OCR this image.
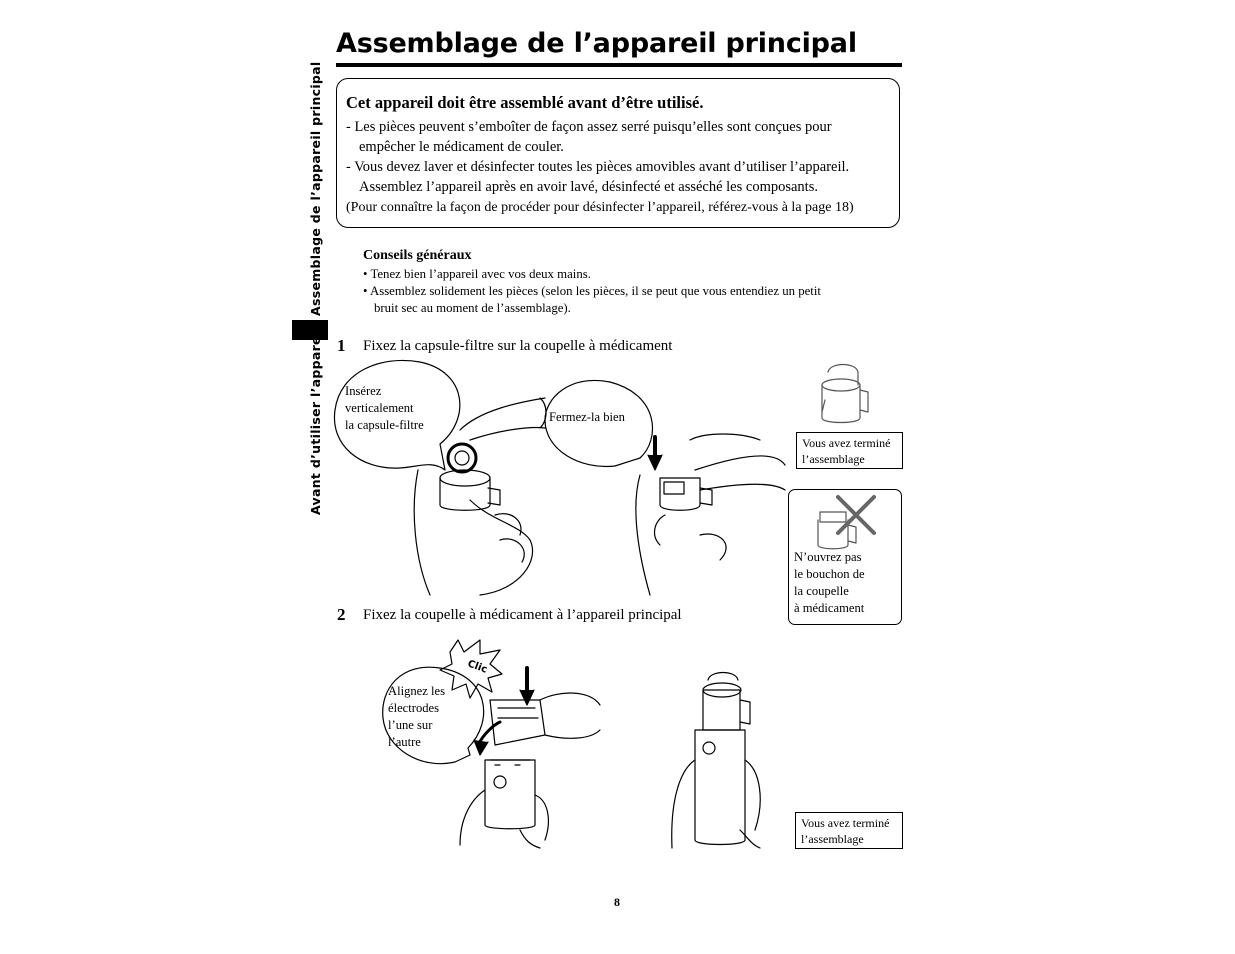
Assemblage de l’appareil principal
Avant d’utiliser l’appareil
Assemblage de l’appareil principal
Cet appareil doit être assemblé avant d’être utilisé.
- Les pièces peuvent s’emboîter de façon assez serré puisqu’elles sont conçues pour
empêcher le médicament de couler.
- Vous devez laver et désinfecter toutes les pièces amovibles avant d’utiliser l’appareil.
Assemblez l’appareil après en avoir lavé, désinfecté et asséché les composants.
(Pour connaître la façon de procéder pour désinfecter l’appareil, référez-vous à la page 18)
Conseils généraux
• Tenez bien l’appareil avec vos deux mains.
• Assemblez solidement les pièces (selon les pièces, il se peut que vous entendiez un petit
bruit sec au moment de l’assemblage).
1 Fixez la capsule-filtre sur la coupelle à médicament
2 Fixez la coupelle à médicament à l’appareil principal
Clic
Insérez
verticalement
la capsule-filtre
Fermez-la bien
Vous avez terminé
l’assemblage
N’ouvrez pas
le bouchon de
la coupelle
à médicament
Alignez les
électrodes
l’une sur
l’autre
Vous avez terminé
l’assemblage
8
